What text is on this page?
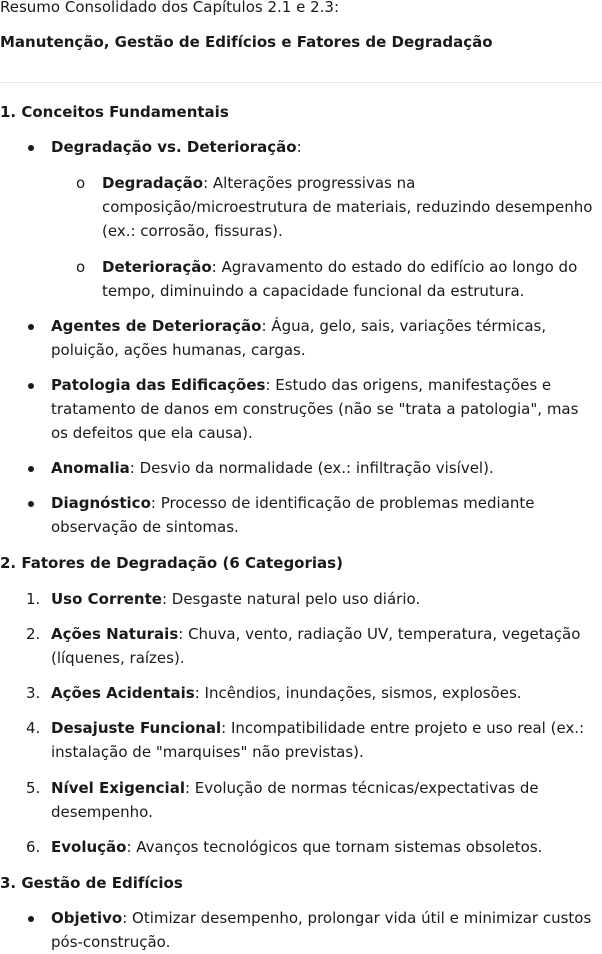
Resumo Consolidado dos Capítulos 2.1 e 2.3:

Manutenção, Gestão de Edifícios e Fatores de Degradação

1. Conceitos Fundamentais

Degradação vs. Deterioração:
o Degradação: Alterações progressivas na composição/microestrutura de materiais, reduzindo desempenho (ex.: corrosão, fissuras).
o Deterioração: Agravamento do estado do edifício ao longo do tempo, diminuindo a capacidade funcional da estrutura.
Agentes de Deterioração: Água, gelo, sais, variações térmicas, poluição, ações humanas, cargas.
Patologia das Edificações: Estudo das origens, manifestações e tratamento de danos em construções (não se "trata a patologia", mas os defeitos que ela causa).
Anomalia: Desvio da normalidade (ex.: infiltração visível).
Diagnóstico: Processo de identificação de problemas mediante observação de sintomas.

2. Fatores de Degradação (6 Categorias)

1. Uso Corrente: Desgaste natural pelo uso diário.
2. Ações Naturais: Chuva, vento, radiação UV, temperatura, vegetação (líquenes, raízes).
3. Ações Acidentais: Incêndios, inundações, sismos, explosões.
4. Desajuste Funcional: Incompatibilidade entre projeto e uso real (ex.: instalação de "marquises" não previstas).
5. Nível Exigencial: Evolução de normas técnicas/expectativas de desempenho.
6. Evolução: Avanços tecnológicos que tornam sistemas obsoletos.

3. Gestão de Edifícios

Objetivo: Otimizar desempenho, prolongar vida útil e minimizar custos pós-construção.
